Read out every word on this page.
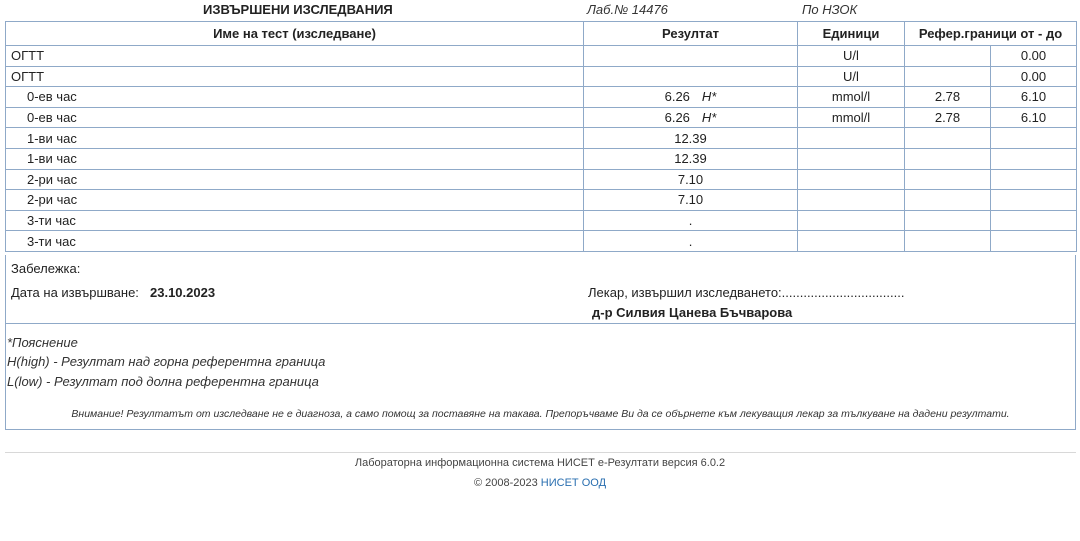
ИЗВЪРШЕНИ ИЗСЛЕДВАНИЯ	Лаб.№ 14476	По НЗОК
Име на тест (изследване)	Резултат	Единици	Рефер.граници от - до	
ОГТТ		U/l		0.00
ОГТТ		U/l		0.00
0-ев час	6.26 H*	mmol/l	2.78	6.10
0-ев час	6.26 H*	mmol/l	2.78	6.10
1-ви час	12.39			
1-ви час	12.39			
2-ри час	7.10			
2-ри час	7.10			
3-ти час	.			
3-ти час	.			
Забележка:
Дата на извършване: 23.10.2023	Лекар, извършил изследването:..................................
д-р Силвия Цанева Бъчварова
*Пояснение
H(high) - Резултат над горна референтна граница
L(low) - Резултат под долна референтна граница
Внимание! Резултатът от изследване не е диагноза, а само помощ за поставяне на такава. Препоръчваме Ви да се обърнете към лекуващия лекар за тълкуване на дадени резултати.
Лабораторна информационна система НИСЕТ е-Резултати версия 6.0.2
© 2008-2023 НИСЕТ ООД
